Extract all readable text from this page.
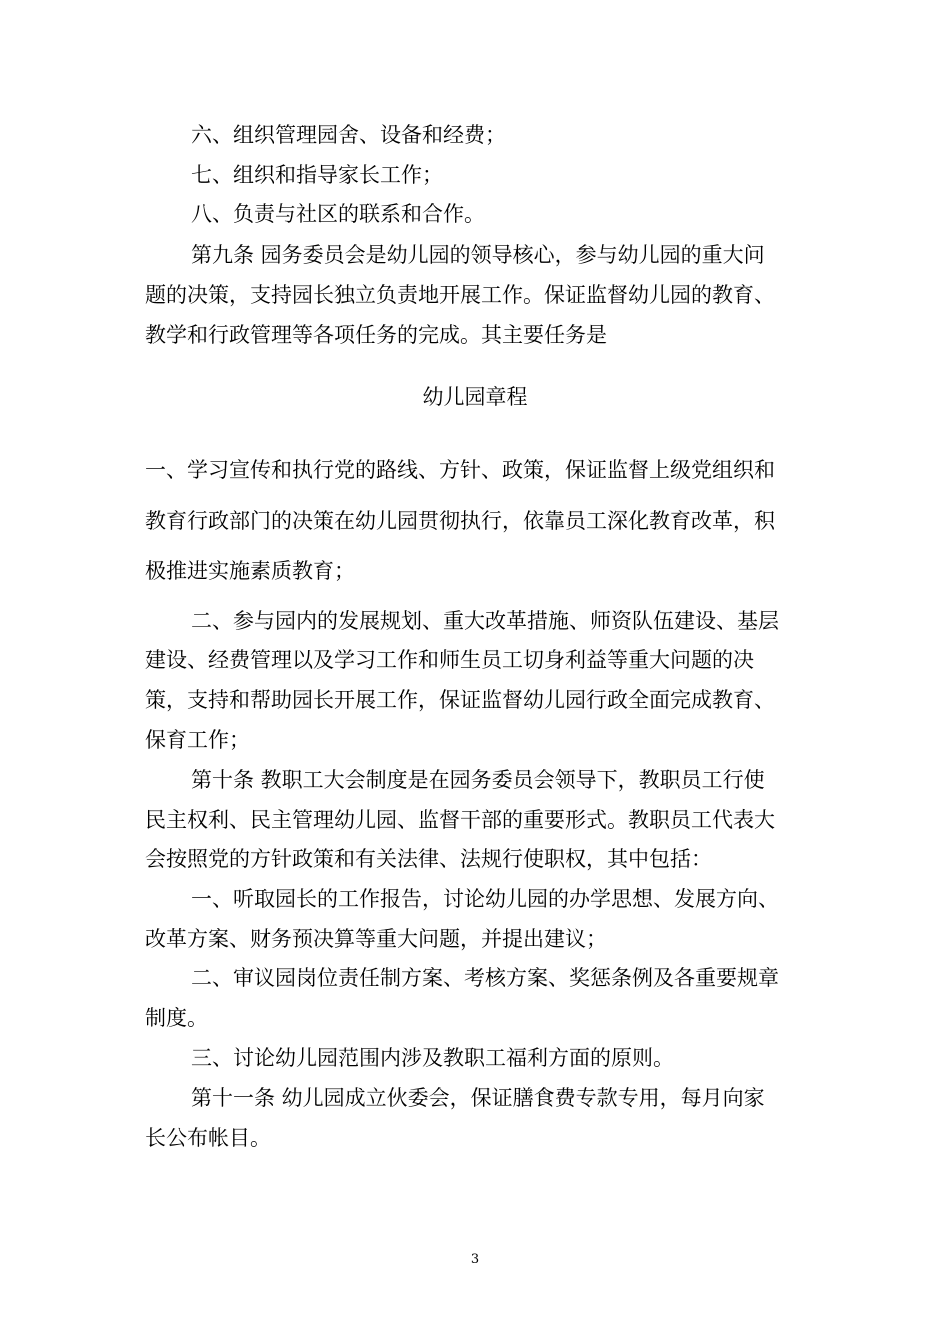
六、组织管理园舍、设备和经费；
七、组织和指导家长工作；
八、负责与社区的联系和合作。
第九条 园务委员会是幼儿园的领导核心，参与幼儿园的重大问
题的决策，支持园长独立负责地开展工作。保证监督幼儿园的教育、
教学和行政管理等各项任务的完成。其主要任务是
幼儿园章程
一、学习宣传和执行党的路线、方针、政策，保证监督上级党组织和
教育行政部门的决策在幼儿园贯彻执行，依靠员工深化教育改革，积
极推进实施素质教育；
二、参与园内的发展规划、重大改革措施、师资队伍建设、基层
建设、经费管理以及学习工作和师生员工切身利益等重大问题的决
策，支持和帮助园长开展工作，保证监督幼儿园行政全面完成教育、
保育工作；
第十条 教职工大会制度是在园务委员会领导下，教职员工行使
民主权利、民主管理幼儿园、监督干部的重要形式。教职员工代表大
会按照党的方针政策和有关法律、法规行使职权，其中包括：
一、听取园长的工作报告，讨论幼儿园的办学思想、发展方向、
改革方案、财务预决算等重大问题，并提出建议；
二、审议园岗位责任制方案、考核方案、奖惩条例及各重要规章
制度。
三、讨论幼儿园范围内涉及教职工福利方面的原则。
第十一条 幼儿园成立伙委会，保证膳食费专款专用，每月向家
长公布帐目。
3
